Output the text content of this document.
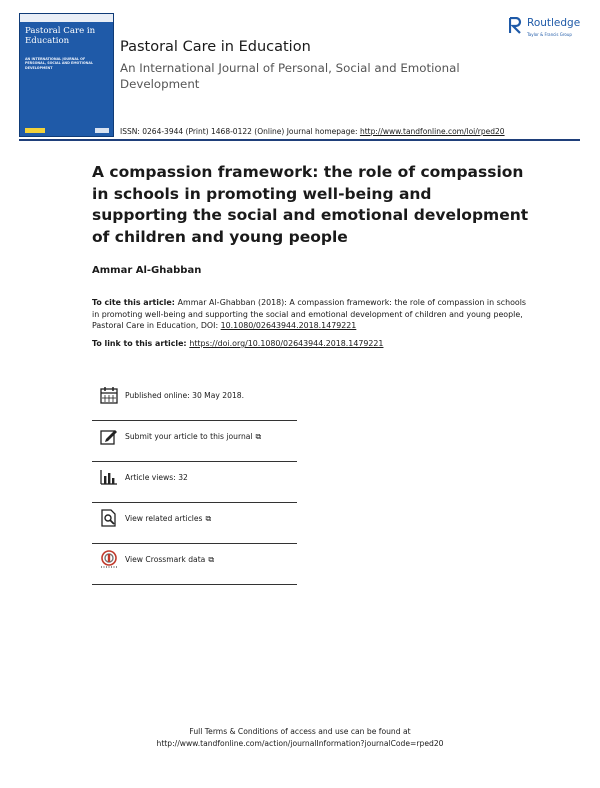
Pastoral Care in Education
AN INTERNATIONAL JOURNAL OF PERSONAL, SOCIAL AND EMOTIONAL DEVELOPMENT
Pastoral Care in Education
An International Journal of Personal, Social and Emotional Development
ISSN: 0264-3944 (Print) 1468-0122 (Online) Journal homepage: http://www.tandfonline.com/loi/rped20
Routledge
Taylor & Francis Group
A compassion framework: the role of compassion in schools in promoting well-being and supporting the social and emotional development of children and young people
Ammar Al-Ghabban
To cite this article: Ammar Al-Ghabban (2018): A compassion framework: the role of compassion in schools in promoting well-being and supporting the social and emotional development of children and young people, Pastoral Care in Education, DOI: 10.1080/02643944.2018.1479221
To link to this article: https://doi.org/10.1080/02643944.2018.1479221
Published online: 30 May 2018.
Submit your article to this journal ⧉
Article views: 32
View related articles ⧉
View Crossmark data ⧉
Full Terms & Conditions of access and use can be found at
http://www.tandfonline.com/action/journalInformation?journalCode=rped20
